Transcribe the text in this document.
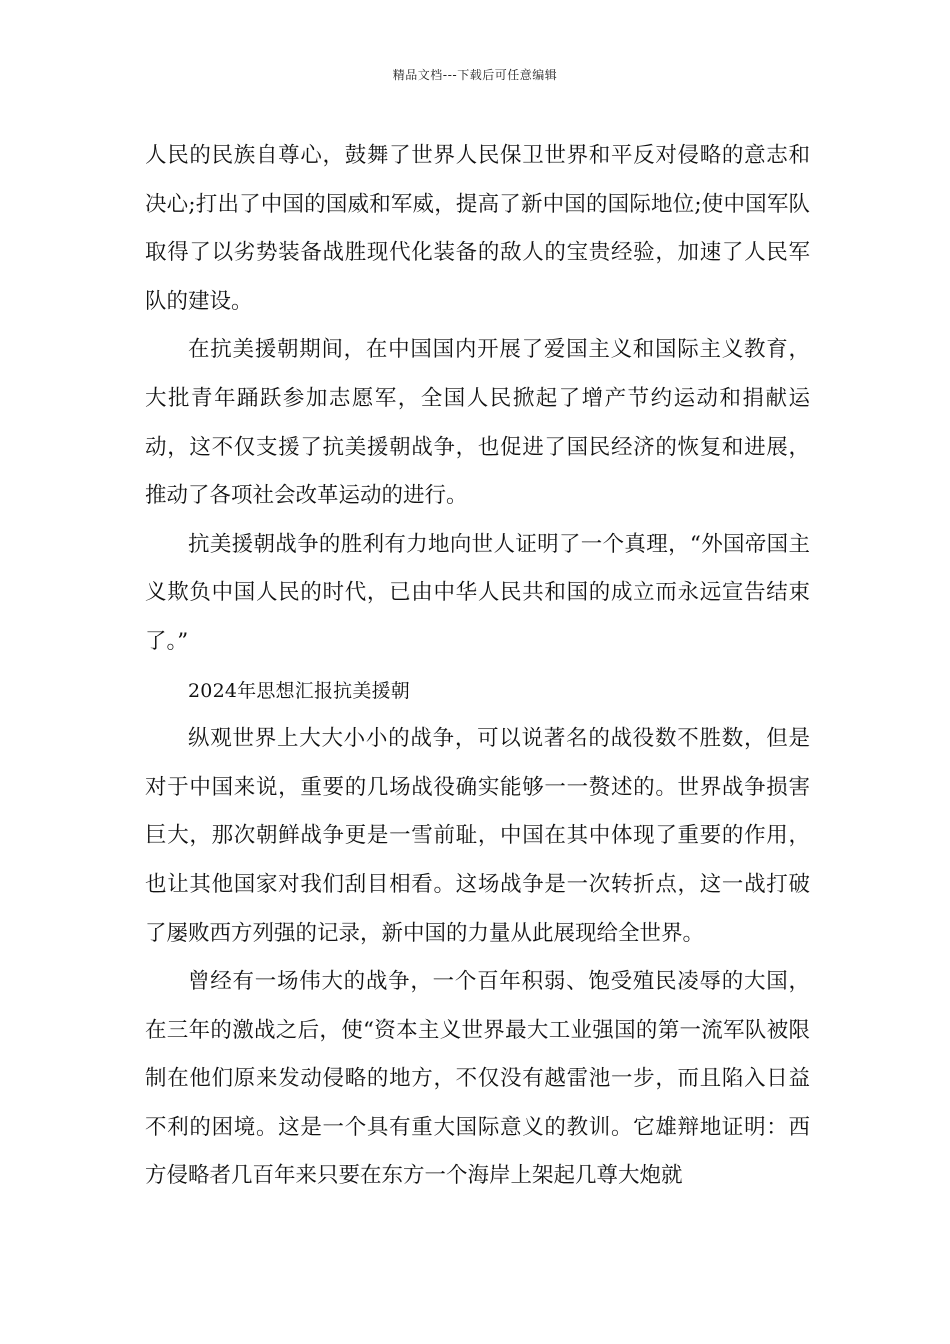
精品文档---下载后可任意编辑

人民的民族自尊心，鼓舞了世界人民保卫世界和平反对侵略的意志和决心;打出了中国的国威和军威，提高了新中国的国际地位;使中国军队取得了以劣势装备战胜现代化装备的敌人的宝贵经验，加速了人民军队的建设。

在抗美援朝期间，在中国国内开展了爱国主义和国际主义教育，大批青年踊跃参加志愿军，全国人民掀起了增产节约运动和捐献运动，这不仅支援了抗美援朝战争，也促进了国民经济的恢复和进展，推动了各项社会改革运动的进行。

抗美援朝战争的胜利有力地向世人证明了一个真理，“外国帝国主义欺负中国人民的时代，已由中华人民共和国的成立而永远宣告结束了。”

2024年思想汇报抗美援朝

纵观世界上大大小小的战争，可以说著名的战役数不胜数，但是对于中国来说，重要的几场战役确实能够一一赘述的。世界战争损害巨大，那次朝鲜战争更是一雪前耻，中国在其中体现了重要的作用，也让其他国家对我们刮目相看。这场战争是一次转折点，这一战打破了屡败西方列强的记录，新中国的力量从此展现给全世界。

曾经有一场伟大的战争，一个百年积弱、饱受殖民凌辱的大国，在三年的激战之后，使“资本主义世界最大工业强国的第一流军队被限制在他们原来发动侵略的地方，不仅没有越雷池一步，而且陷入日益不利的困境。这是一个具有重大国际意义的教训。它雄辩地证明：西方侵略者几百年来只要在东方一个海岸上架起几尊大炮就
